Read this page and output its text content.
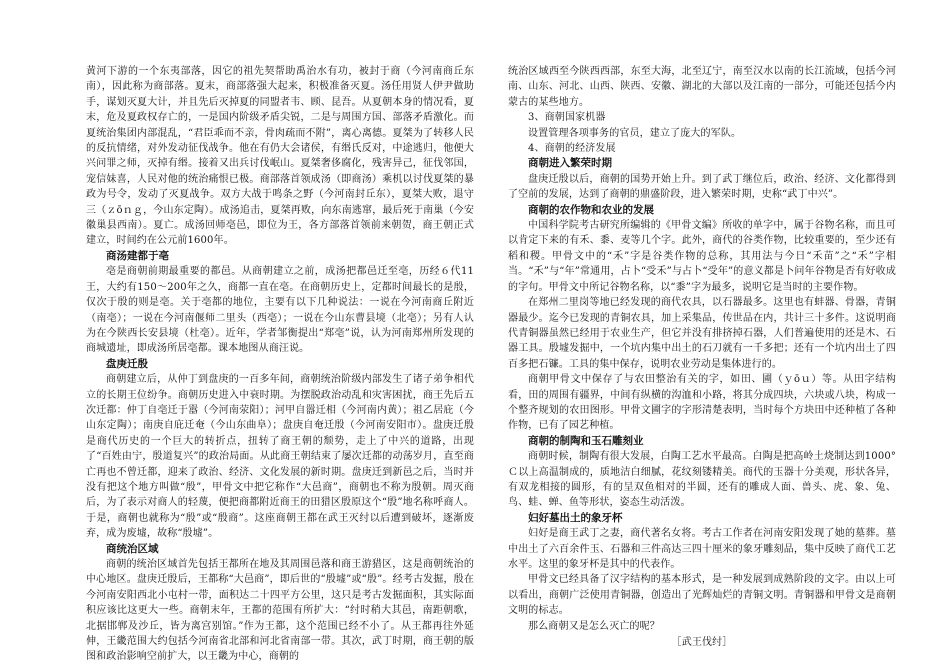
黄河下游的一个东夷部落，因它的祖先契帮助禹治水有功，被封于商（今河南商丘东南），因此称为商部落。夏末，商部落强大起来，积极准备灭夏。汤任用贤人伊尹做助手，谋划灭夏大计，并且先后灭掉夏的同盟者韦、顾、昆吾。从夏朝本身的情况看，夏末，危及夏政权存亡的，一是国内阶级矛盾尖锐，二是与周围方国、部落矛盾激化。而夏统治集团内部混乱，“君臣乖而不亲，骨肉疏而不附”，离心离德。夏桀为了转移人民的反抗情绪，对外发动征伐战争。他在有仍大会诸侯，有缗氏反对，中途逃归，他便大兴问罪之师，灭掉有缗。接着又出兵讨伐岷山。夏桀奢侈腐化，残害异己，征伐邻国，宠信妹喜，人民对他的统治痛恨已极。商部落首领成汤（即商汤）乘机以讨伐夏桀的暴政为号令，发动了灭夏战争。双方大战于鸣条之野（今河南封丘东），夏桀大败，退守三（ｚōｎｇ，今山东定陶）。成汤追击，夏桀再败，向东南逃窜，最后死于南巢（今安徽巢县西南）。夏亡。成汤回师亳邑，即位为王，各方部落首领前来朝贺，商王朝正式建立，时间约在公元前1600年。

商汤建都于亳

亳是商朝前期最重要的都邑。从商朝建立之前，成汤把都邑迁至亳，历经６代11王，大约有150～200年之久，商都一直在亳。在商朝历史上，定都时间最长的是殷，仅次于殷的则是亳。关于亳都的地位，主要有以下几种说法：一说在今河南商丘附近（南亳）；一说在今河南偃师二里头（西亳）；一说在今山东曹县境（北亳）；另有人认为在今陕西长安县境（杜亳）。近年，学者邹衡提出“郑亳”说，认为河南郑州所发现的商城遗址，即成汤所居亳都。课本地图从商汪说。

盘庚迁殷

商朝建立后，从仲丁到盘庚的一百多年间，商朝统治阶级内部发生了诸子弟争相代立的长期王位纷争。商朝历史进入中衰时期。为摆脱政治动乱和灾害困扰，商王先后五次迁都：仲丁自亳迁于嚣（今河南荥阳）；河甲自嚣迁相（今河南内黄）；祖乙居庇（今山东定陶）；南庚自庇迁奄（今山东曲阜）；盘庚自奄迁殷（今河南安阳市）。盘庚迁殷是商代历史的一个巨大的转折点，扭转了商王朝的颓势，走上了中兴的道路，出现了“百姓由宁，殷道复兴”的政治局面。从此商王朝结束了屡次迁都的动荡岁月，直至商亡再也不曾迁都，迎来了政治、经济、文化发展的新时期。盘庚迁到新邑之后，当时并没有把这个地方叫做“殷”，甲骨文中把它称作“大邑商”，商朝也不称为殷朝。周灭商后，为了表示对商人的轻蔑，便把商都附近商王的田猎区殷原这个“殷”地名称呼商人。于是，商朝也就称为“殷”或“殷商”。这座商朝王都在武王灭纣以后遭到破坏，逐渐废弃，成为废墟，故称“殷墟”。

商统治区域

商朝的统治区域首先包括王都所在地及其周围邑落和商王游猎区，这是商朝统治的中心地区。盘庚迁殷后，王都称“大邑商”，即后世的“殷墟”或“殷”。经考古发掘，殷在今河南安阳西北小屯村一带，面积达二十四平方公里，这只是考古发掘面积，其实际面积应该比这更大一些。商朝末年，王都的范围有所扩大：“纣时稍大其邑，南距朝歌，北据邯郸及沙丘，皆为离宫别馆。”作为王都，这个范围已经不小了。从王都再往外延伸，王畿范围大约包括今河南省北部和河北省南部一带。其次，武丁时期，商王朝的版图和政治影响空前扩大，以王畿为中心，商朝的

统治区域西至今陕西西部，东至大海，北至辽宁，南至汉水以南的长江流域，包括今河南、山东、河北、山西、陕西、安徽、湖北的大部以及江南的一部分，可能还包括今内蒙古的某些地方。

3、商朝国家机器

设置管理各项事务的官员，建立了庞大的军队。

4、商朝的经济发展

商朝进入繁荣时期

盘庚迁殷以后，商朝的国势开始上升。到了武丁继位后，政治、经济、文化都得到了空前的发展，达到了商朝的鼎盛阶段，进入繁荣时期，史称“武丁中兴”。

商朝的农作物和农业的发展

中国科学院考古研究所编辑的《甲骨文编》所收的单字中，属于谷物名称，而且可以肯定下来的有禾、黍、麦等几个字。此外，商代的谷类作物，比较重要的，至少还有稻和稷。甲骨文中的“禾”字是谷类作物的总称，其用法与今日“禾苗”之“禾”字相当。“禾”与“年”常通用，占卜“受禾”与占卜“受年”的意义都是卜问年谷物是否有好收成的字句。甲骨文中所记谷物名称，以“黍”字为最多，说明它是当时的主要作物。

在郑州二里岗等地已经发现的商代农具，以石器最多。这里也有蚌器、骨器，青铜器最少。迄今已发现的青铜农具，加上采集品，传世品在内，共计三十多件。这说明商代青铜器虽然已经用于农业生产，但它并没有排挤掉石器，人们普遍使用的还是木、石器工具。殷墟发掘中，一个坑内集中出土的石刀就有一千多把；还有一个坑内出土了四百多把石镰。工具的集中保存，说明农业劳动是集体进行的。

商朝甲骨文中保存了与农田整治有关的字，如田、圃（ｙōｕ）等。从田字结构看，田的周围有疆界，中间有纵横的沟洫和小路，将其分成四块，六块或八块，构成一个整齐规划的农田图形。甲骨文圃字的字形清楚表明，当时每个方块田中还种植了各种作物，已有了园艺种植。

商朝的制陶和玉石雕刻业

商朝时候，制陶有很大发展，白陶工艺水平最高。白陶是把高岭土烧制达到1000°Ｃ以上高温制成的，质地洁白细腻，花纹刻镂精美。商代的玉器十分美观，形状各异，有双龙相接的圆形，有的呈双鱼相对的半圆，还有的雕成人面、兽头、虎、象、兔、鸟、蛙、蝉、鱼等形状，姿态生动活泼。

妇好墓出土的象牙杯

妇好是商王武丁之妻，商代著名女将。考古工作者在河南安阳发现了她的墓葬。墓中出土了六百余件玉、石器和三件高达三四十厘米的象牙雕刻品，集中反映了商代工艺水平。这里的象牙杯是其中的代表作。

甲骨文已经具备了汉字结构的基本形式，是一种发展到成熟阶段的文字。由以上可以看出，商朝广泛使用青铜器，创造出了光辉灿烂的青铜文明。青铜器和甲骨文是商朝文明的标志。

那么商朝又是怎么灭亡的呢？

［武王伐纣］
